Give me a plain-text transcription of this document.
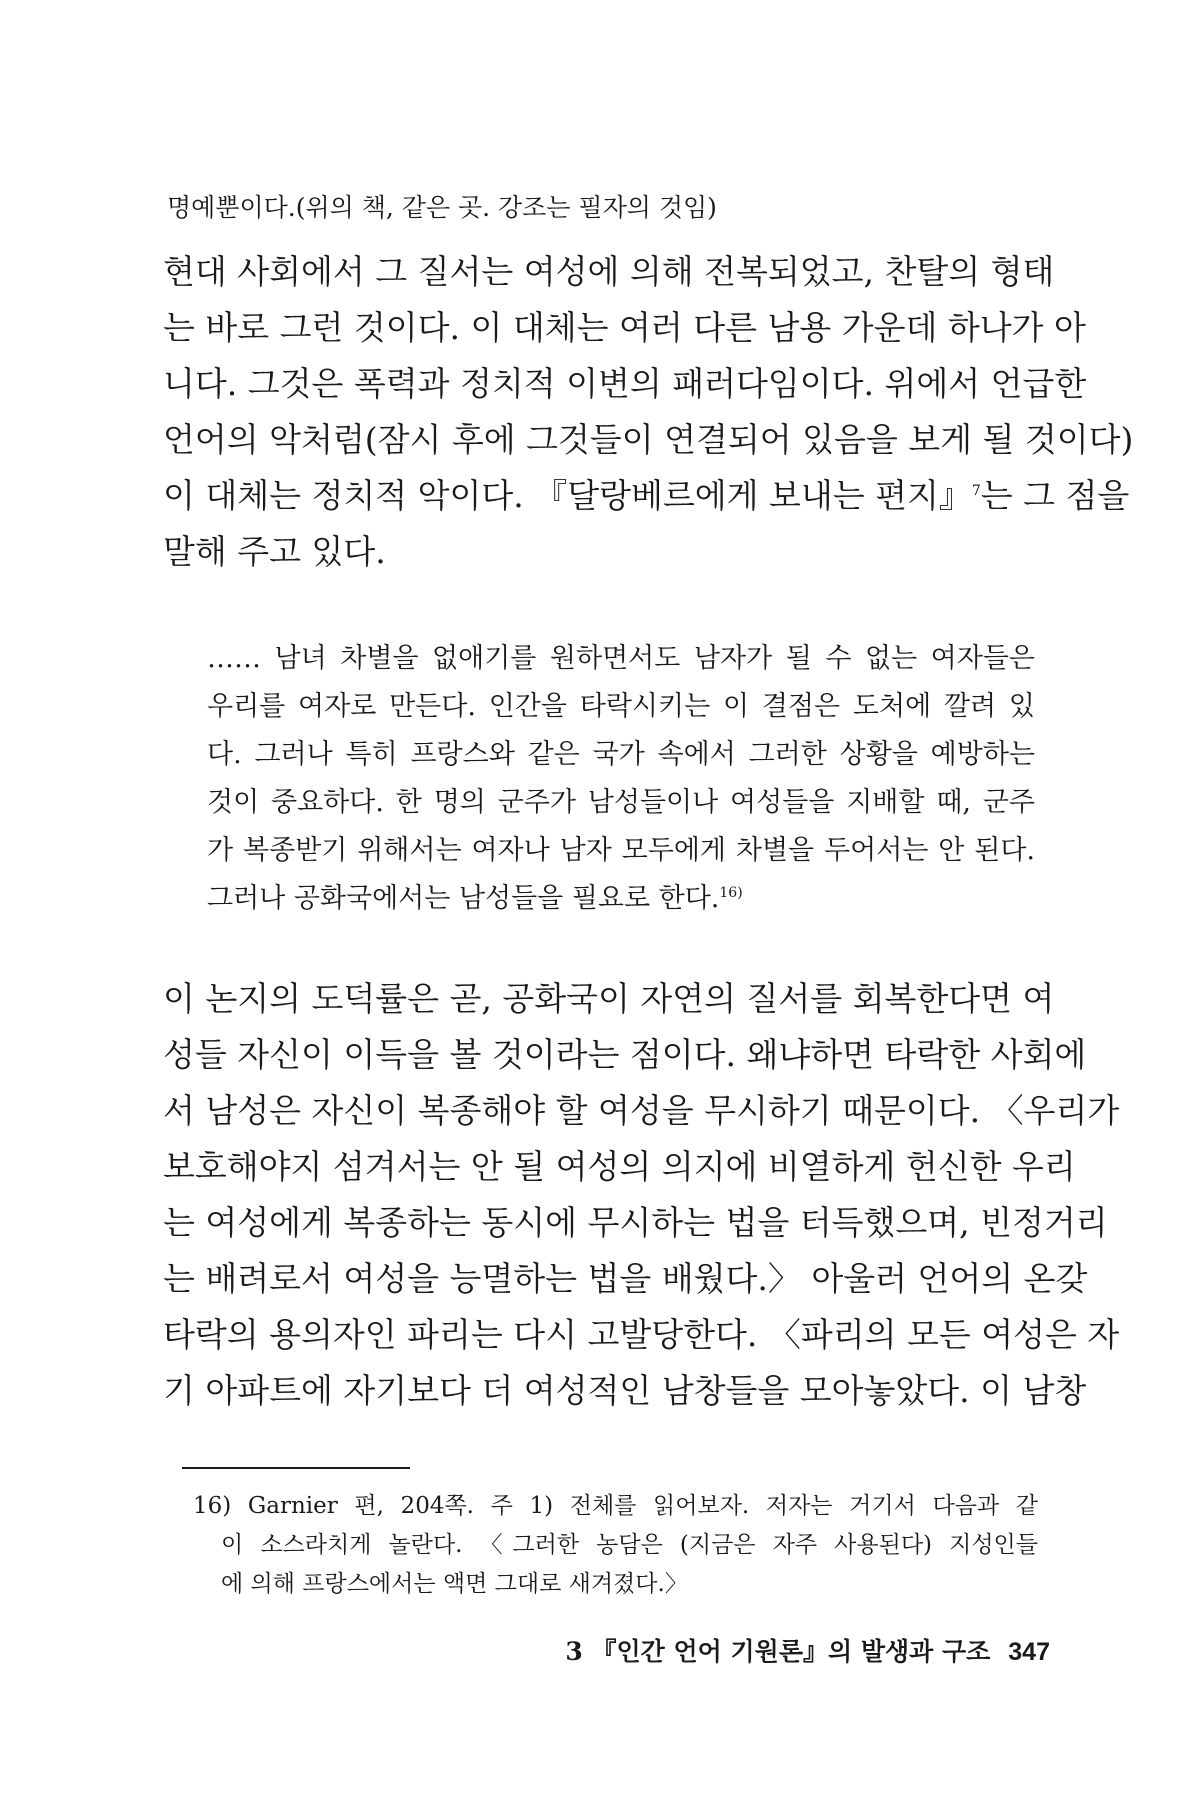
명예뿐이다.(위의 책, 같은 곳. 강조는 필자의 것임)
현대 사회에서 그 질서는 여성에 의해 전복되었고, 찬탈의 형태
는 바로 그런 것이다. 이 대체는 여러 다른 남용 가운데 하나가 아
니다. 그것은 폭력과 정치적 이변의 패러다임이다. 위에서 언급한
언어의 악처럼(잠시 후에 그것들이 연결되어 있음을 보게 될 것이다)
이 대체는 정치적 악이다. 『달랑베르에게 보내는 편지』$^7$는 그 점을
말해 주고 있다.
…… 남녀 차별을 없애기를 원하면서도 남자가 될 수 없는 여자들은
우리를 여자로 만든다. 인간을 타락시키는 이 결점은 도처에 깔려 있
다. 그러나 특히 프랑스와 같은 국가 속에서 그러한 상황을 예방하는
것이 중요하다. 한 명의 군주가 남성들이나 여성들을 지배할 때, 군주
가 복종받기 위해서는 여자나 남자 모두에게 차별을 두어서는 안 된다.
그러나 공화국에서는 남성들을 필요로 한다.$^{16)}$
이 논지의 도덕률은 곧, 공화국이 자연의 질서를 회복한다면 여
성들 자신이 이득을 볼 것이라는 점이다. 왜냐하면 타락한 사회에
서 남성은 자신이 복종해야 할 여성을 무시하기 때문이다. 〈우리가
보호해야지 섬겨서는 안 될 여성의 의지에 비열하게 헌신한 우리
는 여성에게 복종하는 동시에 무시하는 법을 터득했으며, 빈정거리
는 배려로서 여성을 능멸하는 법을 배웠다.〉 아울러 언어의 온갖
타락의 용의자인 파리는 다시 고발당한다. 〈파리의 모든 여성은 자
기 아파트에 자기보다 더 여성적인 남창들을 모아놓았다. 이 남창
16) Garnier 편, 204쪽. 주 1) 전체를 읽어보자. 저자는 거기서 다음과 같
이 소스라치게 놀란다. 〈그러한 농담은 (지금은 자주 사용된다) 지성인들
에 의해 프랑스에서는 액면 그대로 새겨졌다.〉
3 『인간 언어 기원론』의 발생과 구조 347
